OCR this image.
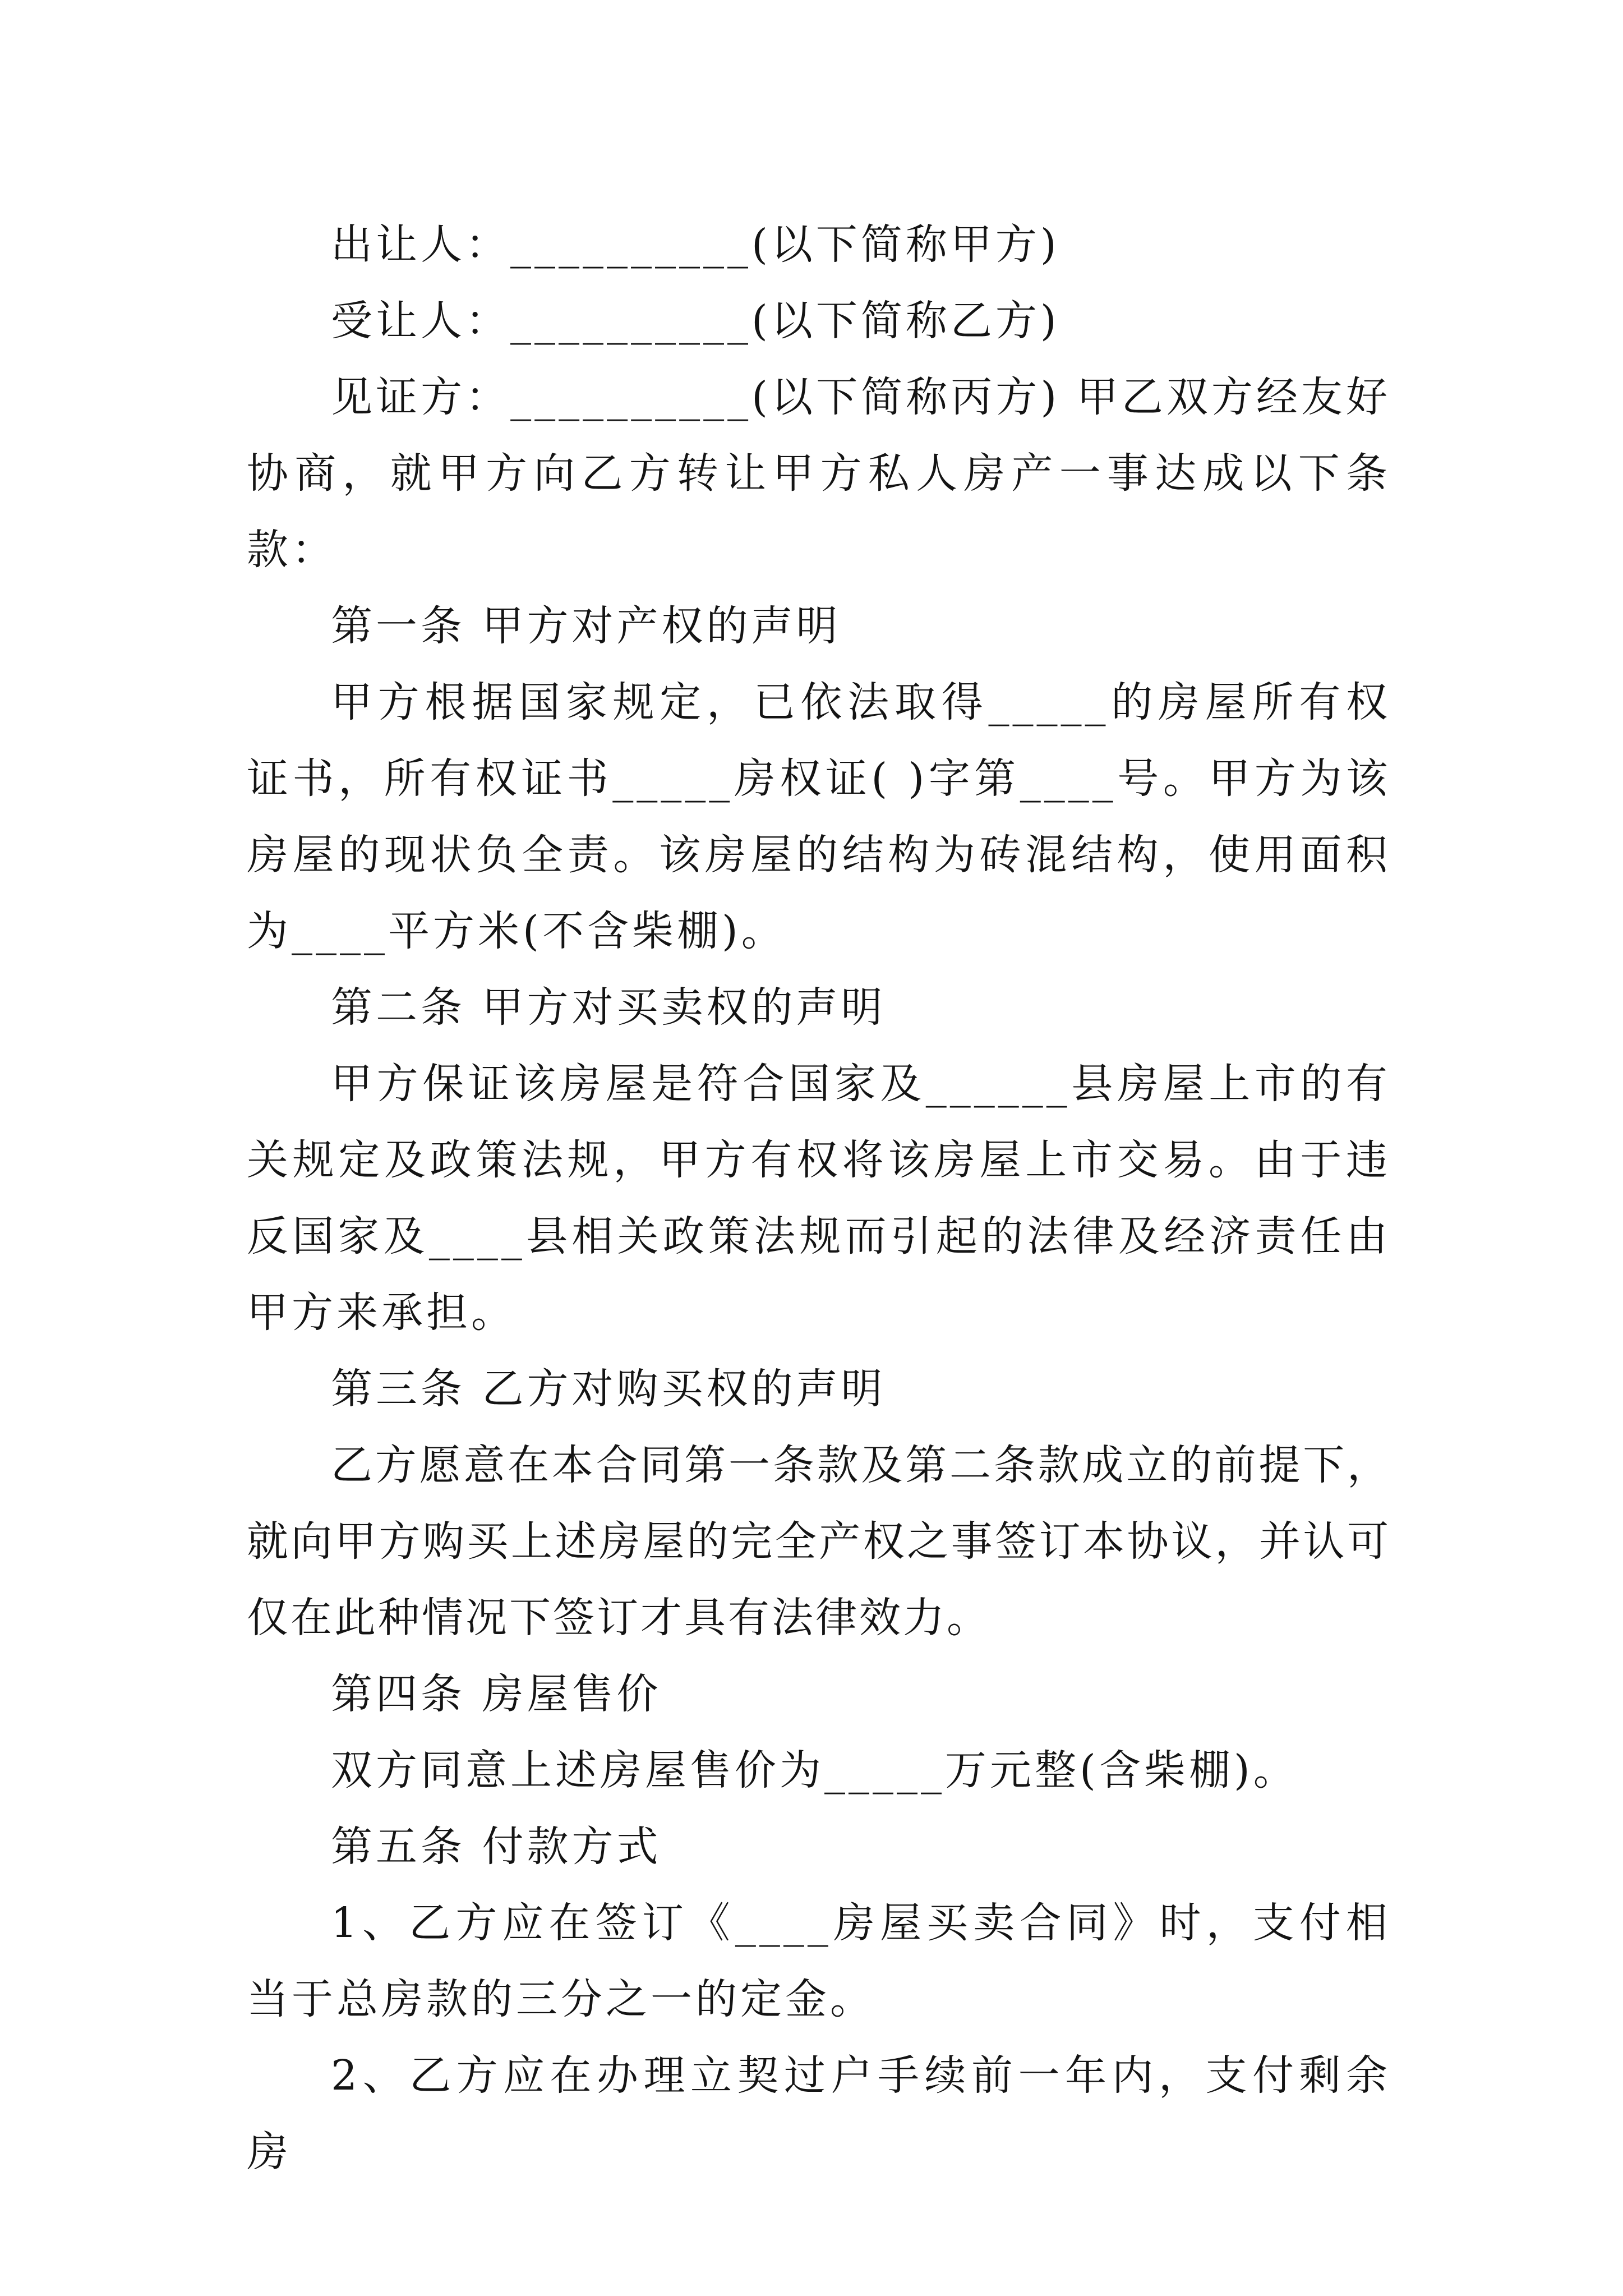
出让人：__________(以下简称甲方)

受让人：__________(以下简称乙方)

见证方：__________(以下简称丙方) 甲乙双方经友好协商，就甲方向乙方转让甲方私人房产一事达成以下条款：

第一条 甲方对产权的声明

甲方根据国家规定，已依法取得_____的房屋所有权证书，所有权证书_____房权证( )字第____号。甲方为该房屋的现状负全责。该房屋的结构为砖混结构，使用面积为____平方米(不含柴棚)。

第二条 甲方对买卖权的声明

甲方保证该房屋是符合国家及______县房屋上市的有关规定及政策法规，甲方有权将该房屋上市交易。由于违反国家及____县相关政策法规而引起的法律及经济责任由甲方来承担。

第三条 乙方对购买权的声明

乙方愿意在本合同第一条款及第二条款成立的前提下，就向甲方购买上述房屋的完全产权之事签订本协议，并认可仅在此种情况下签订才具有法律效力。

第四条 房屋售价

双方同意上述房屋售价为_____万元整(含柴棚)。

第五条 付款方式

1、乙方应在签订《____房屋买卖合同》时，支付相当于总房款的三分之一的定金。

2、乙方应在办理立契过户手续前一年内，支付剩余房
